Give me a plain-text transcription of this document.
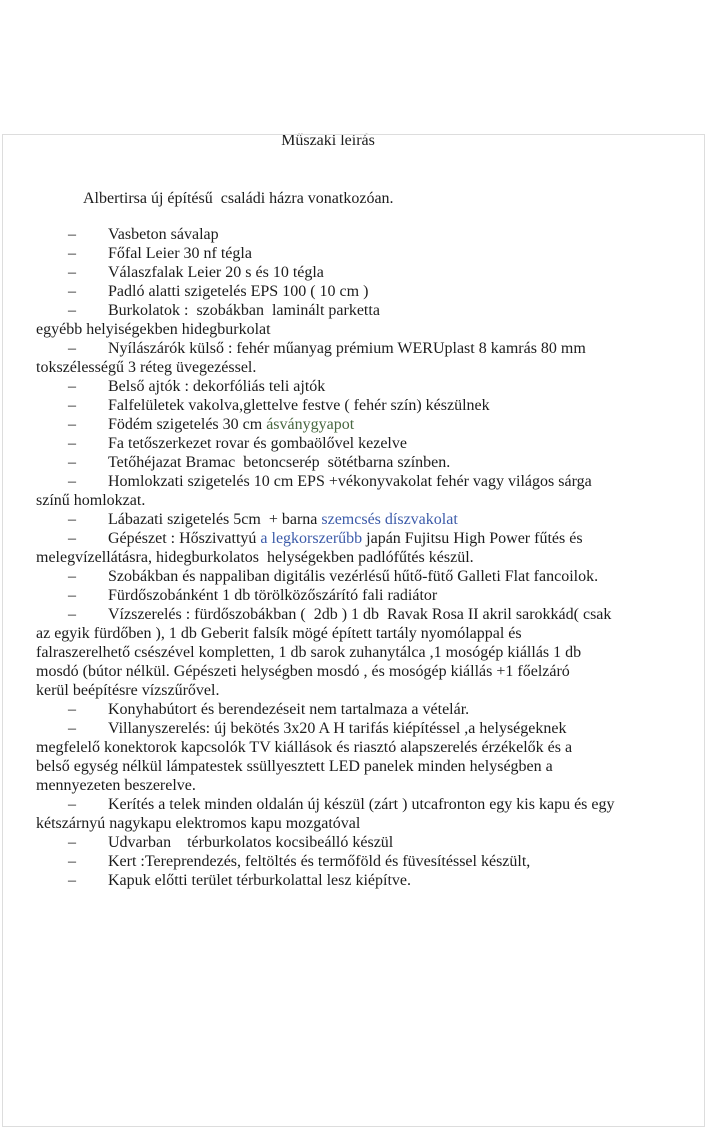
Műszaki leírás

Albertirsa új építésű  családi házra vonatkozóan.

– Vasbeton sávalap
– Főfal Leier 30 nf tégla
– Válaszfalak Leier 20 s és 10 tégla
– Padló alatti szigetelés EPS 100 ( 10 cm )
– Burkolatok :  szobákban  laminált parketta
egyébb helyiségekben hidegburkolat
– Nyílászárók külső : fehér műanyag prémium WERUplast 8 kamrás 80 mm
tokszélességű 3 réteg üvegezéssel.
– Belső ajtók : dekorfóliás teli ajtók
– Falfelületek vakolva,glettelve festve ( fehér szín) készülnek
– Födém szigetelés 30 cm ásványgyapot
– Fa tetőszerkezet rovar és gombaölővel kezelve
– Tetőhéjazat Bramac  betoncserép  sötétbarna színben.
– Homlokzati szigetelés 10 cm EPS +vékonyvakolat fehér vagy világos sárga
színű homlokzat.
– Lábazati szigetelés 5cm  + barna szemcsés díszvakolat
– Gépészet : Hőszivattyú a legkorszerűbb japán Fujitsu High Power fűtés és
melegvízellátásra, hidegburkolatos  helységekben padlófűtés készül.
– Szobákban és nappaliban digitális vezérlésű hűtő-fütő Galleti Flat fancoilok.
– Fürdőszobánként 1 db törölközőszárító fali radiátor
– Vízszerelés : fürdőszobákban (  2db ) 1 db  Ravak Rosa II akril sarokkád( csak
az egyik fürdőben ), 1 db Geberit falsík mögé épített tartály nyomólappal és
falraszerelhető csészével kompletten, 1 db sarok zuhanytálca ,1 mosógép kiállás 1 db
mosdó (bútor nélkül. Gépészeti helységben mosdó , és mosógép kiállás +1 főelzáró
kerül beépítésre vízszűrővel.
– Konyhabútort és berendezéseit nem tartalmaza a vételár.
– Villanyszerelés: új bekötés 3x20 A H tarifás kiépítéssel ,a helységeknek
megfelelő konektorok kapcsolók TV kiállások és riasztó alapszerelés érzékelők és a
belső egység nélkül lámpatestek ssüllyesztett LED panelek minden helységben a
mennyezeten beszerelve.
– Kerítés a telek minden oldalán új készül (zárt ) utcafronton egy kis kapu és egy
kétszárnyú nagykapu elektromos kapu mozgatóval
– Udvarban    térburkolatos kocsibeálló készül
– Kert :Tereprendezés, feltöltés és termőföld és füvesítéssel készült,
– Kapuk előtti terület térburkolattal lesz kiépítve.
